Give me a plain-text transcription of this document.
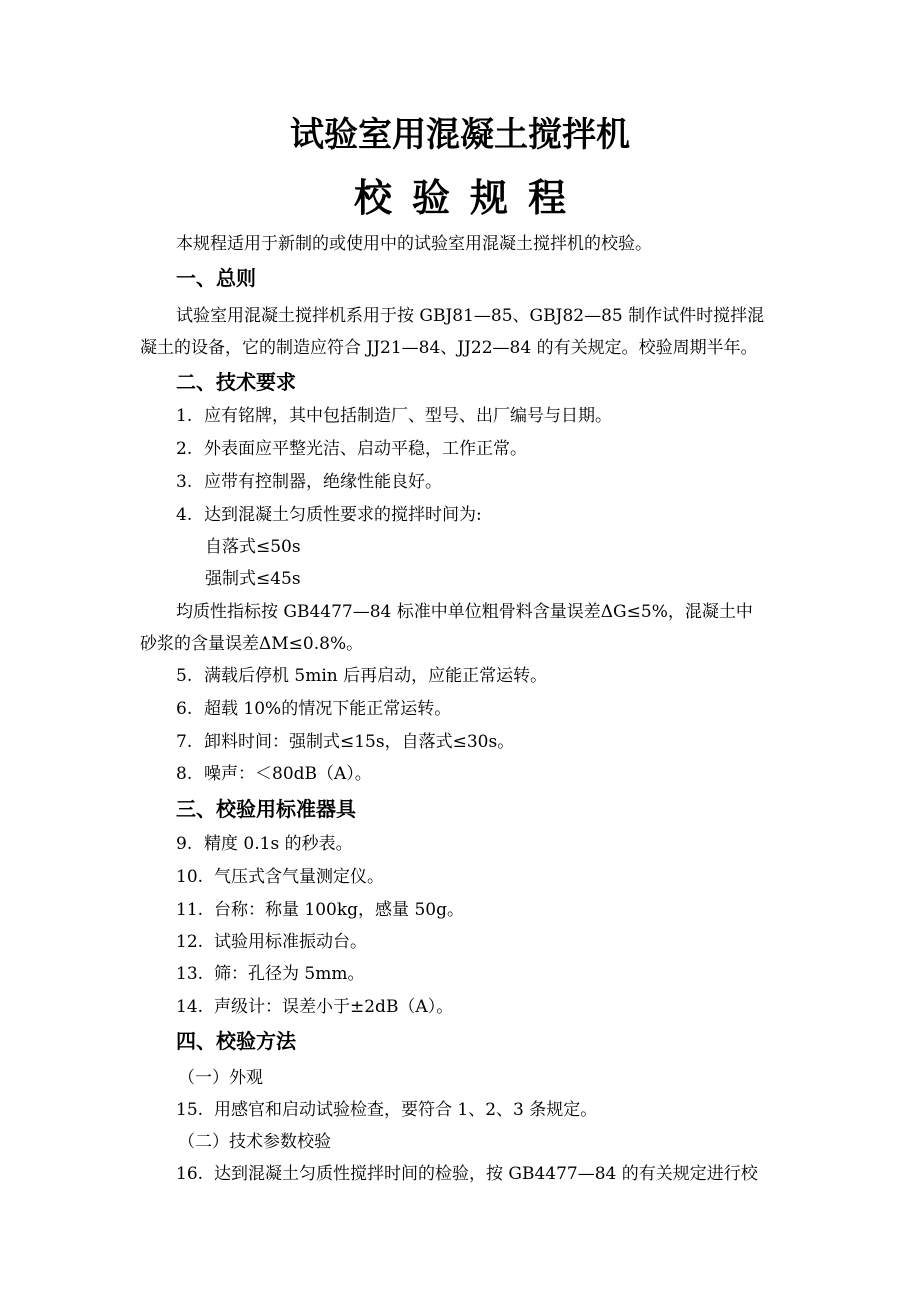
试验室用混凝土搅拌机
校验规程
本规程适用于新制的或使用中的试验室用混凝土搅拌机的校验。
一、总则
试验室用混凝土搅拌机系用于按 GBJ81—85、GBJ82—85 制作试件时搅拌混
凝土的设备，它的制造应符合 JJ21—84、JJ22—84 的有关规定。校验周期半年。
二、技术要求
1. 应有铭牌，其中包括制造厂、型号、出厂编号与日期。
2. 外表面应平整光洁、启动平稳，工作正常。
3. 应带有控制器，绝缘性能良好。
4. 达到混凝土匀质性要求的搅拌时间为:
自落式≤50s
强制式≤45s
均质性指标按 GB4477—84 标准中单位粗骨料含量误差ΔG≤5%，混凝土中
砂浆的含量误差ΔM≤0.8%。
5. 满载后停机 5min 后再启动，应能正常运转。
6. 超载 10%的情况下能正常运转。
7. 卸料时间：强制式≤15s，自落式≤30s。
8. 噪声：＜80dB（A）。
三、校验用标准器具
9. 精度 0.1s 的秒表。
10. 气压式含气量测定仪。
11. 台称：称量 100kg，感量 50g。
12. 试验用标准振动台。
13. 筛：孔径为 5mm。
14. 声级计：误差小于±2dB（A）。
四、校验方法
（一）外观
15. 用感官和启动试验检查，要符合 1、2、3 条规定。
（二）技术参数校验
16. 达到混凝土匀质性搅拌时间的检验，按 GB4477—84 的有关规定进行校
